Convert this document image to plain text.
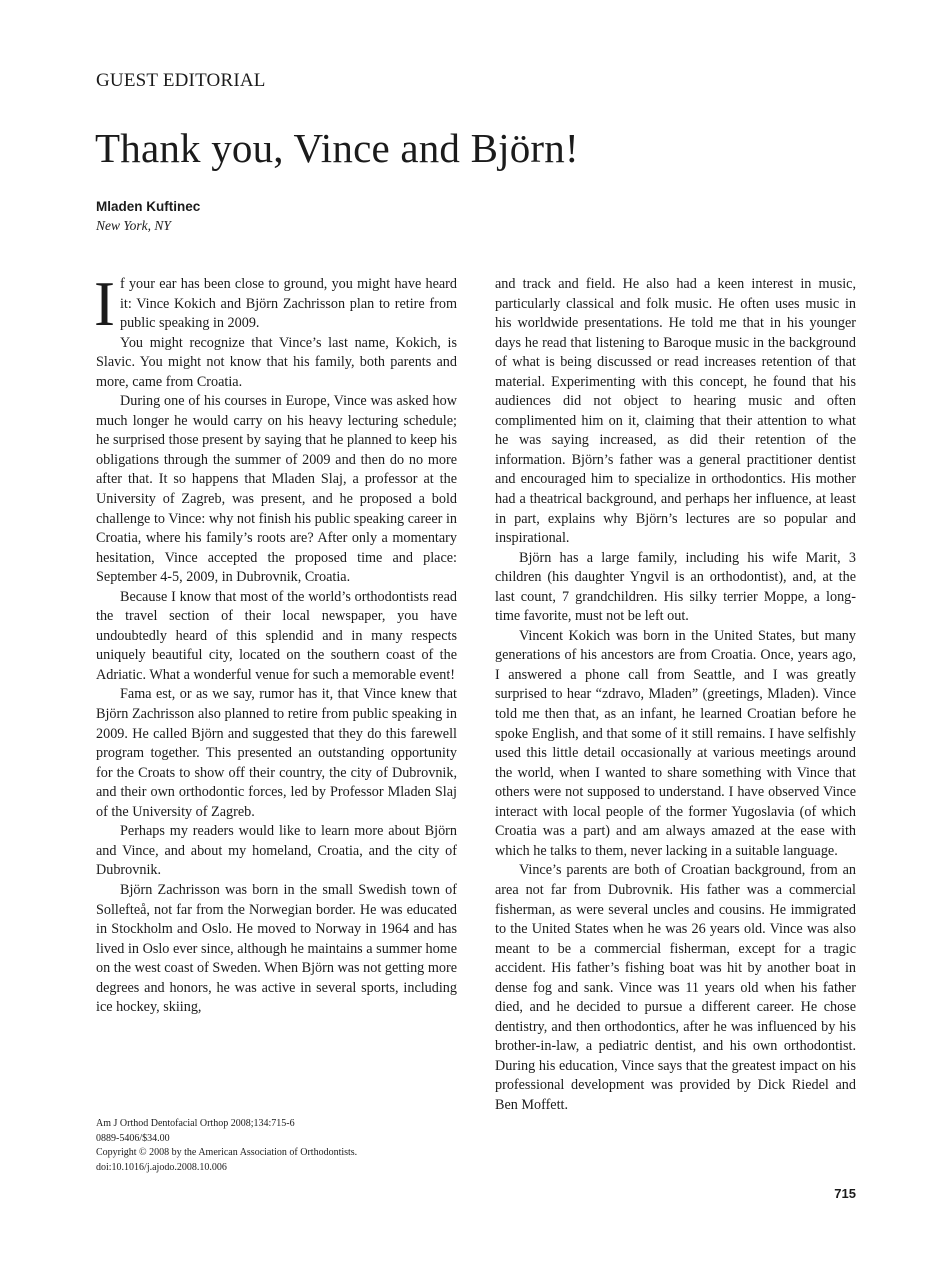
GUEST EDITORIAL
Thank you, Vince and Björn!
Mladen Kuftinec
New York, NY

If your ear has been close to ground, you might have heard it: Vince Kokich and Björn Zachrisson plan to retire from public speaking in 2009.

You might recognize that Vince’s last name, Kokich, is Slavic. You might not know that his family, both parents and more, came from Croatia.

During one of his courses in Europe, Vince was asked how much longer he would carry on his heavy lecturing schedule; he surprised those present by saying that he planned to keep his obligations through the summer of 2009 and then do no more after that. It so happens that Mladen Slaj, a professor at the University of Zagreb, was present, and he proposed a bold challenge to Vince: why not finish his public speaking career in Croatia, where his family’s roots are? After only a momentary hesitation, Vince accepted the proposed time and place: September 4-5, 2009, in Dubrovnik, Croatia.

Because I know that most of the world’s orthodontists read the travel section of their local newspaper, you have undoubtedly heard of this splendid and in many respects uniquely beautiful city, located on the southern coast of the Adriatic. What a wonderful venue for such a memorable event!

Fama est, or as we say, rumor has it, that Vince knew that Björn Zachrisson also planned to retire from public speaking in 2009. He called Björn and suggested that they do this farewell program together. This presented an outstanding opportunity for the Croats to show off their country, the city of Dubrovnik, and their own orthodontic forces, led by Professor Mladen Slaj of the University of Zagreb.

Perhaps my readers would like to learn more about Björn and Vince, and about my homeland, Croatia, and the city of Dubrovnik.

Björn Zachrisson was born in the small Swedish town of Sollefteå, not far from the Norwegian border. He was educated in Stockholm and Oslo. He moved to Norway in 1964 and has lived in Oslo ever since, although he maintains a summer home on the west coast of Sweden. When Björn was not getting more degrees and honors, he was active in several sports, including ice hockey, skiing,

and track and field. He also had a keen interest in music, particularly classical and folk music. He often uses music in his worldwide presentations. He told me that in his younger days he read that listening to Baroque music in the background of what is being discussed or read increases retention of that material. Experimenting with this concept, he found that his audiences did not object to hearing music and often complimented him on it, claiming that their attention to what he was saying increased, as did their retention of the information. Björn’s father was a general practitioner dentist and encouraged him to specialize in orthodontics. His mother had a theatrical background, and perhaps her influence, at least in part, explains why Björn’s lectures are so popular and inspirational.

Björn has a large family, including his wife Marit, 3 children (his daughter Yngvil is an orthodontist), and, at the last count, 7 grandchildren. His silky terrier Moppe, a long-time favorite, must not be left out.

Vincent Kokich was born in the United States, but many generations of his ancestors are from Croatia. Once, years ago, I answered a phone call from Seattle, and I was greatly surprised to hear “zdravo, Mladen” (greetings, Mladen). Vince told me then that, as an infant, he learned Croatian before he spoke English, and that some of it still remains. I have selfishly used this little detail occasionally at various meetings around the world, when I wanted to share something with Vince that others were not supposed to understand. I have observed Vince interact with local people of the former Yugoslavia (of which Croatia was a part) and am always amazed at the ease with which he talks to them, never lacking in a suitable language.

Vince’s parents are both of Croatian background, from an area not far from Dubrovnik. His father was a commercial fisherman, as were several uncles and cousins. He immigrated to the United States when he was 26 years old. Vince was also meant to be a commercial fisherman, except for a tragic accident. His father’s fishing boat was hit by another boat in dense fog and sank. Vince was 11 years old when his father died, and he decided to pursue a different career. He chose dentistry, and then orthodontics, after he was influenced by his brother-in-law, a pediatric dentist, and his own orthodontist. During his education, Vince says that the greatest impact on his professional development was provided by Dick Riedel and Ben Moffett.

Am J Orthod Dentofacial Orthop 2008;134:715-6
0889-5406/$34.00
Copyright © 2008 by the American Association of Orthodontists.
doi:10.1016/j.ajodo.2008.10.006
715
